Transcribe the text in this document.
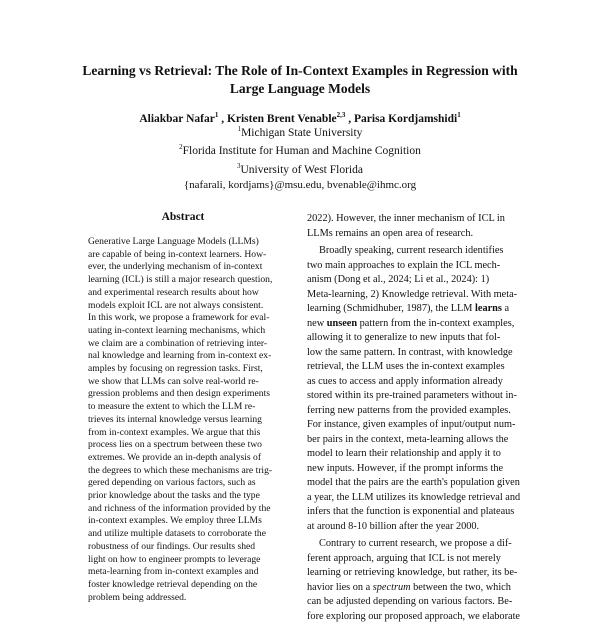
Learning vs Retrieval: The Role of In-Context Examples in Regression with
Large Language Models
Aliakbar Nafar$^1$ , Kristen Brent Venable$^{2,3}$ , Parisa Kordjamshidi$^1$
$^1$Michigan State University
$^2$Florida Institute for Human and Machine Cognition
$^3$University of West Florida
{nafarali, kordjams}@msu.edu, bvenable@ihmc.org
Abstract
Generative Large Language Models (LLMs)
are capable of being in-context learners. How-
ever, the underlying mechanism of in-context
learning (ICL) is still a major research question,
and experimental research results about how
models exploit ICL are not always consistent.
In this work, we propose a framework for eval-
uating in-context learning mechanisms, which
we claim are a combination of retrieving inter-
nal knowledge and learning from in-context ex-
amples by focusing on regression tasks. First,
we show that LLMs can solve real-world re-
gression problems and then design experiments
to measure the extent to which the LLM re-
trieves its internal knowledge versus learning
from in-context examples. We argue that this
process lies on a spectrum between these two
extremes. We provide an in-depth analysis of
the degrees to which these mechanisms are trig-
gered depending on various factors, such as
prior knowledge about the tasks and the type
and richness of the information provided by the
in-context examples. We employ three LLMs
and utilize multiple datasets to corroborate the
robustness of our findings. Our results shed
light on how to engineer prompts to leverage
meta-learning from in-context examples and
foster knowledge retrieval depending on the
problem being addressed.

2022). However, the inner mechanism of ICL in
LLMs remains an open area of research.

Broadly speaking, current research identifies
two main approaches to explain the ICL mech-
anism (Dong et al., 2024; Li et al., 2024): 1)
Meta-learning, 2) Knowledge retrieval. With meta-
learning (Schmidhuber, 1987), the LLM learns a
new unseen pattern from the in-context examples,
allowing it to generalize to new inputs that fol-
low the same pattern. In contrast, with knowledge
retrieval, the LLM uses the in-context examples
as cues to access and apply information already
stored within its pre-trained parameters without in-
ferring new patterns from the provided examples.
For instance, given examples of input/output num-
ber pairs in the context, meta-learning allows the
model to learn their relationship and apply it to
new inputs. However, if the prompt informs the
model that the pairs are the earth's population given
a year, the LLM utilizes its knowledge retrieval and
infers that the function is exponential and plateaus
at around 8-10 billion after the year 2000.

Contrary to current research, we propose a dif-
ferent approach, arguing that ICL is not merely
learning or retrieving knowledge, but rather, its be-
havior lies on a spectrum between the two, which
can be adjusted depending on various factors. Be-
fore exploring our proposed approach, we elaborate
